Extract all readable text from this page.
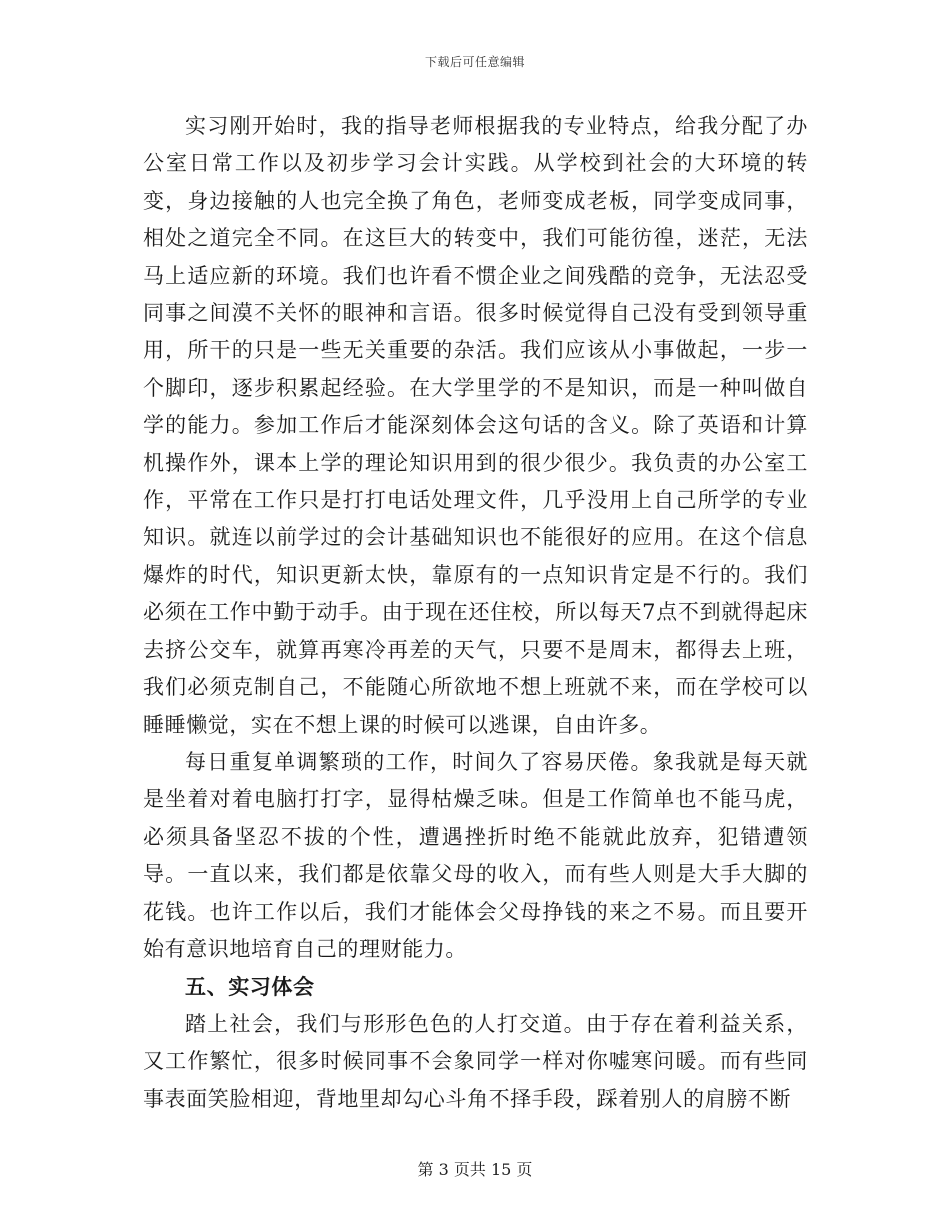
下载后可任意编辑

实习刚开始时，我的指导老师根据我的专业特点，给我分配了办公室日常工作以及初步学习会计实践。从学校到社会的大环境的转变，身边接触的人也完全换了角色，老师变成老板，同学变成同事，相处之道完全不同。在这巨大的转变中，我们可能彷徨，迷茫，无法马上适应新的环境。我们也许看不惯企业之间残酷的竞争，无法忍受同事之间漠不关怀的眼神和言语。很多时候觉得自己没有受到领导重用，所干的只是一些无关重要的杂活。我们应该从小事做起，一步一个脚印，逐步积累起经验。在大学里学的不是知识，而是一种叫做自学的能力。参加工作后才能深刻体会这句话的含义。除了英语和计算机操作外，课本上学的理论知识用到的很少很少。我负责的办公室工作，平常在工作只是打打电话处理文件，几乎没用上自己所学的专业知识。就连以前学过的会计基础知识也不能很好的应用。在这个信息爆炸的时代，知识更新太快，靠原有的一点知识肯定是不行的。我们必须在工作中勤于动手。由于现在还住校，所以每天7点不到就得起床去挤公交车，就算再寒冷再差的天气，只要不是周末，都得去上班，我们必须克制自己，不能随心所欲地不想上班就不来，而在学校可以睡睡懒觉，实在不想上课的时候可以逃课，自由许多。

每日重复单调繁琐的工作，时间久了容易厌倦。象我就是每天就是坐着对着电脑打打字，显得枯燥乏味。但是工作简单也不能马虎，必须具备坚忍不拔的个性，遭遇挫折时绝不能就此放弃，犯错遭领导。一直以来，我们都是依靠父母的收入，而有些人则是大手大脚的花钱。也许工作以后，我们才能体会父母挣钱的来之不易。而且要开始有意识地培育自己的理财能力。

五、实习体会

踏上社会，我们与形形色色的人打交道。由于存在着利益关系，又工作繁忙，很多时候同事不会象同学一样对你嘘寒问暖。而有些同事表面笑脸相迎，背地里却勾心斗角不择手段，踩着别人的肩膀不断

第 3 页共 15 页
